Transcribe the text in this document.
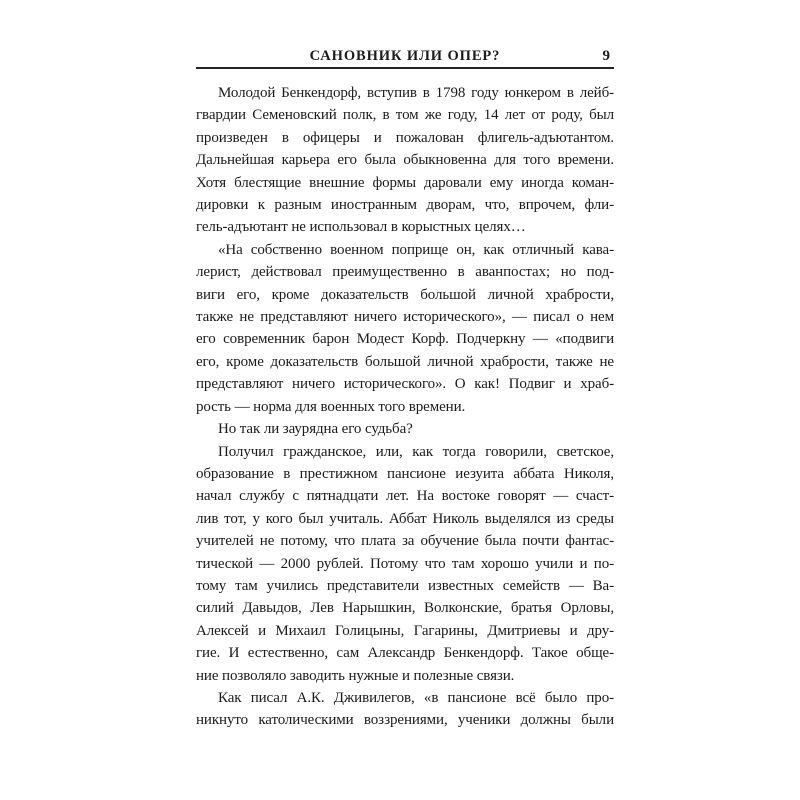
САНОВНИК ИЛИ ОПЕР?	9
Молодой Бенкендорф, вступив в 1798 году юнкером в лейб-
гвардии Семеновский полк, в том же году, 14 лет от роду, был
произведен в офицеры и пожалован флигель-адъютантом.
Дальнейшая карьера его была обыкновенна для того времени.
Хотя блестящие внешние формы даровали ему иногда коман-
дировки к разным иностранным дворам, что, впрочем, фли-
гель-адъютант не использовал в корыстных целях…
«На собственно военном поприще он, как отличный кава-
лерист, действовал преимущественно в аванпостах; но под-
виги его, кроме доказательств большой личной храбрости,
также не представляют ничего исторического», — писал о нем
его современник барон Модест Корф. Подчеркну — «подвиги
его, кроме доказательств большой личной храбрости, также не
представляют ничего исторического». О как! Подвиг и храб-
рость — норма для военных того времени.
Но так ли заурядна его судьба?
Получил гражданское, или, как тогда говорили, светское,
образование в престижном пансионе иезуита аббата Николя,
начал службу с пятнадцати лет. На востоке говорят — счаст-
лив тот, у кого был учиталь. Аббат Николь выделялся из среды
учителей не потому, что плата за обучение была почти фантас-
тической — 2000 рублей. Потому что там хорошо учили и по-
тому там учились представители известных семейств — Ва-
силий Давыдов, Лев Нарышкин, Волконские, братья Орловы,
Алексей и Михаил Голицыны, Гагарины, Дмитриевы и дру-
гие. И естественно, сам Александр Бенкендорф. Такое обще-
ние позволяло заводить нужные и полезные связи.
Как писал А.К. Дживилегов, «в пансионе всё было про-
никнуто католическими воззрениями, ученики должны были
